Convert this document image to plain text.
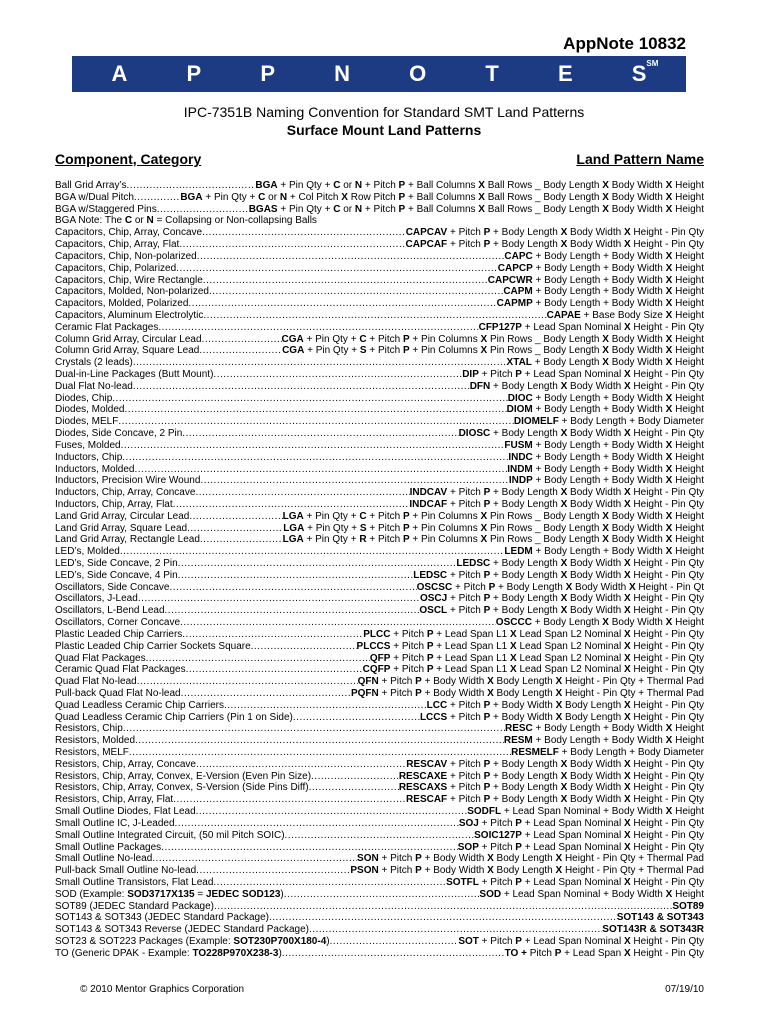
AppNote 10832
A	P	P	N	O	T	E	S SM
IPC-7351B Naming Convention for Standard SMT Land Patterns
Surface Mount Land Patterns
Component, Category	Land Pattern Name
Ball Grid Array’s .....	BGA + Pin Qty + C or N + Pitch P + Ball Columns X Ball Rows _ Body Length X Body Width X Height
BGA w/Dual Pitch .....	BGA + Pin Qty + C or N + Col Pitch X Row Pitch P + Ball Columns X Ball Rows _ Body Length X Body Width X Height
BGA w/Staggered Pins .....	BGAS + Pin Qty + C or N + Pitch P + Ball Columns X Ball Rows _ Body Length X Body Width X Height
BGA Note: The C or N = Collapsing or Non-collapsing Balls
Capacitors, Chip, Array, Concave .....	CAPCAV + Pitch P + Body Length X Body Width X Height - Pin Qty
Capacitors, Chip, Array, Flat .....	CAPCAF + Pitch P + Body Length X Body Width X Height - Pin Qty
Capacitors, Chip, Non-polarized .....	CAPC + Body Length + Body Width X Height
Capacitors, Chip, Polarized .....	CAPCP + Body Length + Body Width X Height
Capacitors, Chip, Wire Rectangle .....	CAPCWR + Body Length + Body Width X Height
Capacitors, Molded, Non-polarized .....	CAPM + Body Length + Body Width X Height
Capacitors, Molded, Polarized .....	CAPMP + Body Length + Body Width X Height
Capacitors, Aluminum Electrolytic .....	CAPAE + Base Body Size X Height
Ceramic Flat Packages .....	CFP127P + Lead Span Nominal X Height - Pin Qty
Column Grid Array, Circular Lead .....	CGA + Pin Qty + C + Pitch P + Pin Columns X Pin Rows _ Body Length X Body Width X Height
Column Grid Array, Square Lead .....	CGA + Pin Qty + S + Pitch P + Pin Columns X Pin Rows _ Body Length X Body Width X Height
Crystals (2 leads) .....	XTAL + Body Length X Body Width X Height
Dual-in-Line Packages (Butt Mount) .....	DIP + Pitch P + Lead Span Nominal X Height - Pin Qty
Dual Flat No-lead .....	DFN + Body Length X Body Width X Height - Pin Qty
Diodes, Chip .....	DIOC + Body Length + Body Width X Height
Diodes, Molded .....	DIOM + Body Length + Body Width X Height
Diodes, MELF .....	DIOMELF + Body Length + Body Diameter
Diodes, Side Concave, 2 Pin .....	DIOSC + Body Length X Body Width X Height - Pin Qty
Fuses, Molded .....	FUSM + Body Length + Body Width X Height
Inductors, Chip .....	INDC + Body Length + Body Width X Height
Inductors, Molded .....	INDM + Body Length + Body Width X Height
Inductors, Precision Wire Wound .....	INDP + Body Length + Body Width X Height
Inductors, Chip, Array, Concave .....	INDCAV + Pitch P + Body Length X Body Width X Height - Pin Qty
Inductors, Chip, Array, Flat .....	INDCAF + Pitch P + Body Length X Body Width X Height - Pin Qty
Land Grid Array, Circular Lead .....	LGA + Pin Qty + C + Pitch P + Pin Columns X Pin Rows _ Body Length X Body Width X Height
Land Grid Array, Square Lead .....	LGA + Pin Qty + S + Pitch P + Pin Columns X Pin Rows _ Body Length X Body Width X Height
Land Grid Array, Rectangle Lead .....	LGA + Pin Qty + R + Pitch P + Pin Columns X Pin Rows _ Body Length X Body Width X Height
LED’s, Molded .....	LEDM + Body Length + Body Width X Height
LED’s, Side Concave, 2 Pin .....	LEDSC + Body Length X Body Width X Height - Pin Qty
LED’s, Side Concave, 4 Pin .....	LEDSC + Pitch P + Body Length X Body Width X Height - Pin Qty
Oscillators, Side Concave .....	OSCSC + Pitch P + Body Length X Body Width X Height - Pin Qt
Oscillators, J-Lead .....	OSCJ + Pitch P + Body Length X Body Width X Height - Pin Qty
Oscillators, L-Bend Lead .....	OSCL + Pitch P + Body Length X Body Width X Height - Pin Qty
Oscillators, Corner Concave .....	OSCCC + Body Length X Body Width X Height
Plastic Leaded Chip Carriers .....	PLCC + Pitch P + Lead Span L1 X Lead Span L2 Nominal X Height - Pin Qty
Plastic Leaded Chip Carrier Sockets Square .....	PLCCS + Pitch P + Lead Span L1 X Lead Span L2 Nominal X Height - Pin Qty
Quad Flat Packages .....	QFP + Pitch P + Lead Span L1 X Lead Span L2 Nominal X Height - Pin Qty
Ceramic Quad Flat Packages .....	CQFP + Pitch P + Lead Span L1 X Lead Span L2 Nominal X Height - Pin Qty
Quad Flat No-lead .....	QFN + Pitch P + Body Width X Body Length X Height - Pin Qty + Thermal Pad
Pull-back Quad Flat No-lead .....	PQFN + Pitch P + Body Width X Body Length X Height - Pin Qty + Thermal Pad
Quad Leadless Ceramic Chip Carriers .....	LCC + Pitch P + Body Width X Body Length X Height - Pin Qty
Quad Leadless Ceramic Chip Carriers (Pin 1 on Side) .....	LCCS + Pitch P + Body Width X Body Length X Height - Pin Qty
Resistors, Chip .....	RESC + Body Length + Body Width X Height
Resistors, Molded .....	RESM + Body Length + Body Width X Height
Resistors, MELF .....	RESMELF + Body Length + Body Diameter
Resistors, Chip, Array, Concave .....	RESCAV + Pitch P + Body Length X Body Width X Height - Pin Qty
Resistors, Chip, Array, Convex, E-Version (Even Pin Size) .....	RESCAXE + Pitch P + Body Length X Body Width X Height - Pin Qty
Resistors, Chip, Array, Convex, S-Version (Side Pins Diff) .....	RESCAXS + Pitch P + Body Length X Body Width X Height - Pin Qty
Resistors, Chip, Array, Flat .....	RESCAF + Pitch P + Body Length X Body Width X Height - Pin Qty
Small Outline Diodes, Flat Lead .....	SODFL + Lead Span Nominal + Body Width X Height
Small Outline IC, J-Leaded .....	SOJ + Pitch P + Lead Span Nominal X Height - Pin Qty
Small Outline Integrated Circuit, (50 mil Pitch SOIC) .....	SOIC127P + Lead Span Nominal X Height - Pin Qty
Small Outline Packages .....	SOP + Pitch P + Lead Span Nominal X Height - Pin Qty
Small Outline No-lead .....	SON + Pitch P + Body Width X Body Length X Height - Pin Qty + Thermal Pad
Pull-back Small Outline No-lead .....	PSON + Pitch P + Body Width X Body Length X Height - Pin Qty + Thermal Pad
Small Outline Transistors, Flat Lead .....	SOTFL + Pitch P + Lead Span Nominal X Height - Pin Qty
SOD (Example: SOD3717X135 = JEDEC SOD123) .....	SOD + Lead Span Nominal + Body Width X Height
SOT89 (JEDEC Standard Package) .....	SOT89
SOT143 & SOT343 (JEDEC Standard Package) .....	SOT143 & SOT343
SOT143 & SOT343 Reverse (JEDEC Standard Package) .....	SOT143R & SOT343R
SOT23 & SOT223 Packages (Example: SOT230P700X180-4) .....	SOT + Pitch P + Lead Span Nominal X Height - Pin Qty
TO (Generic DPAK - Example: TO228P970X238-3) .....	TO + Pitch P + Lead Span X Height - Pin Qty
© 2010 Mentor Graphics Corporation	07/19/10
